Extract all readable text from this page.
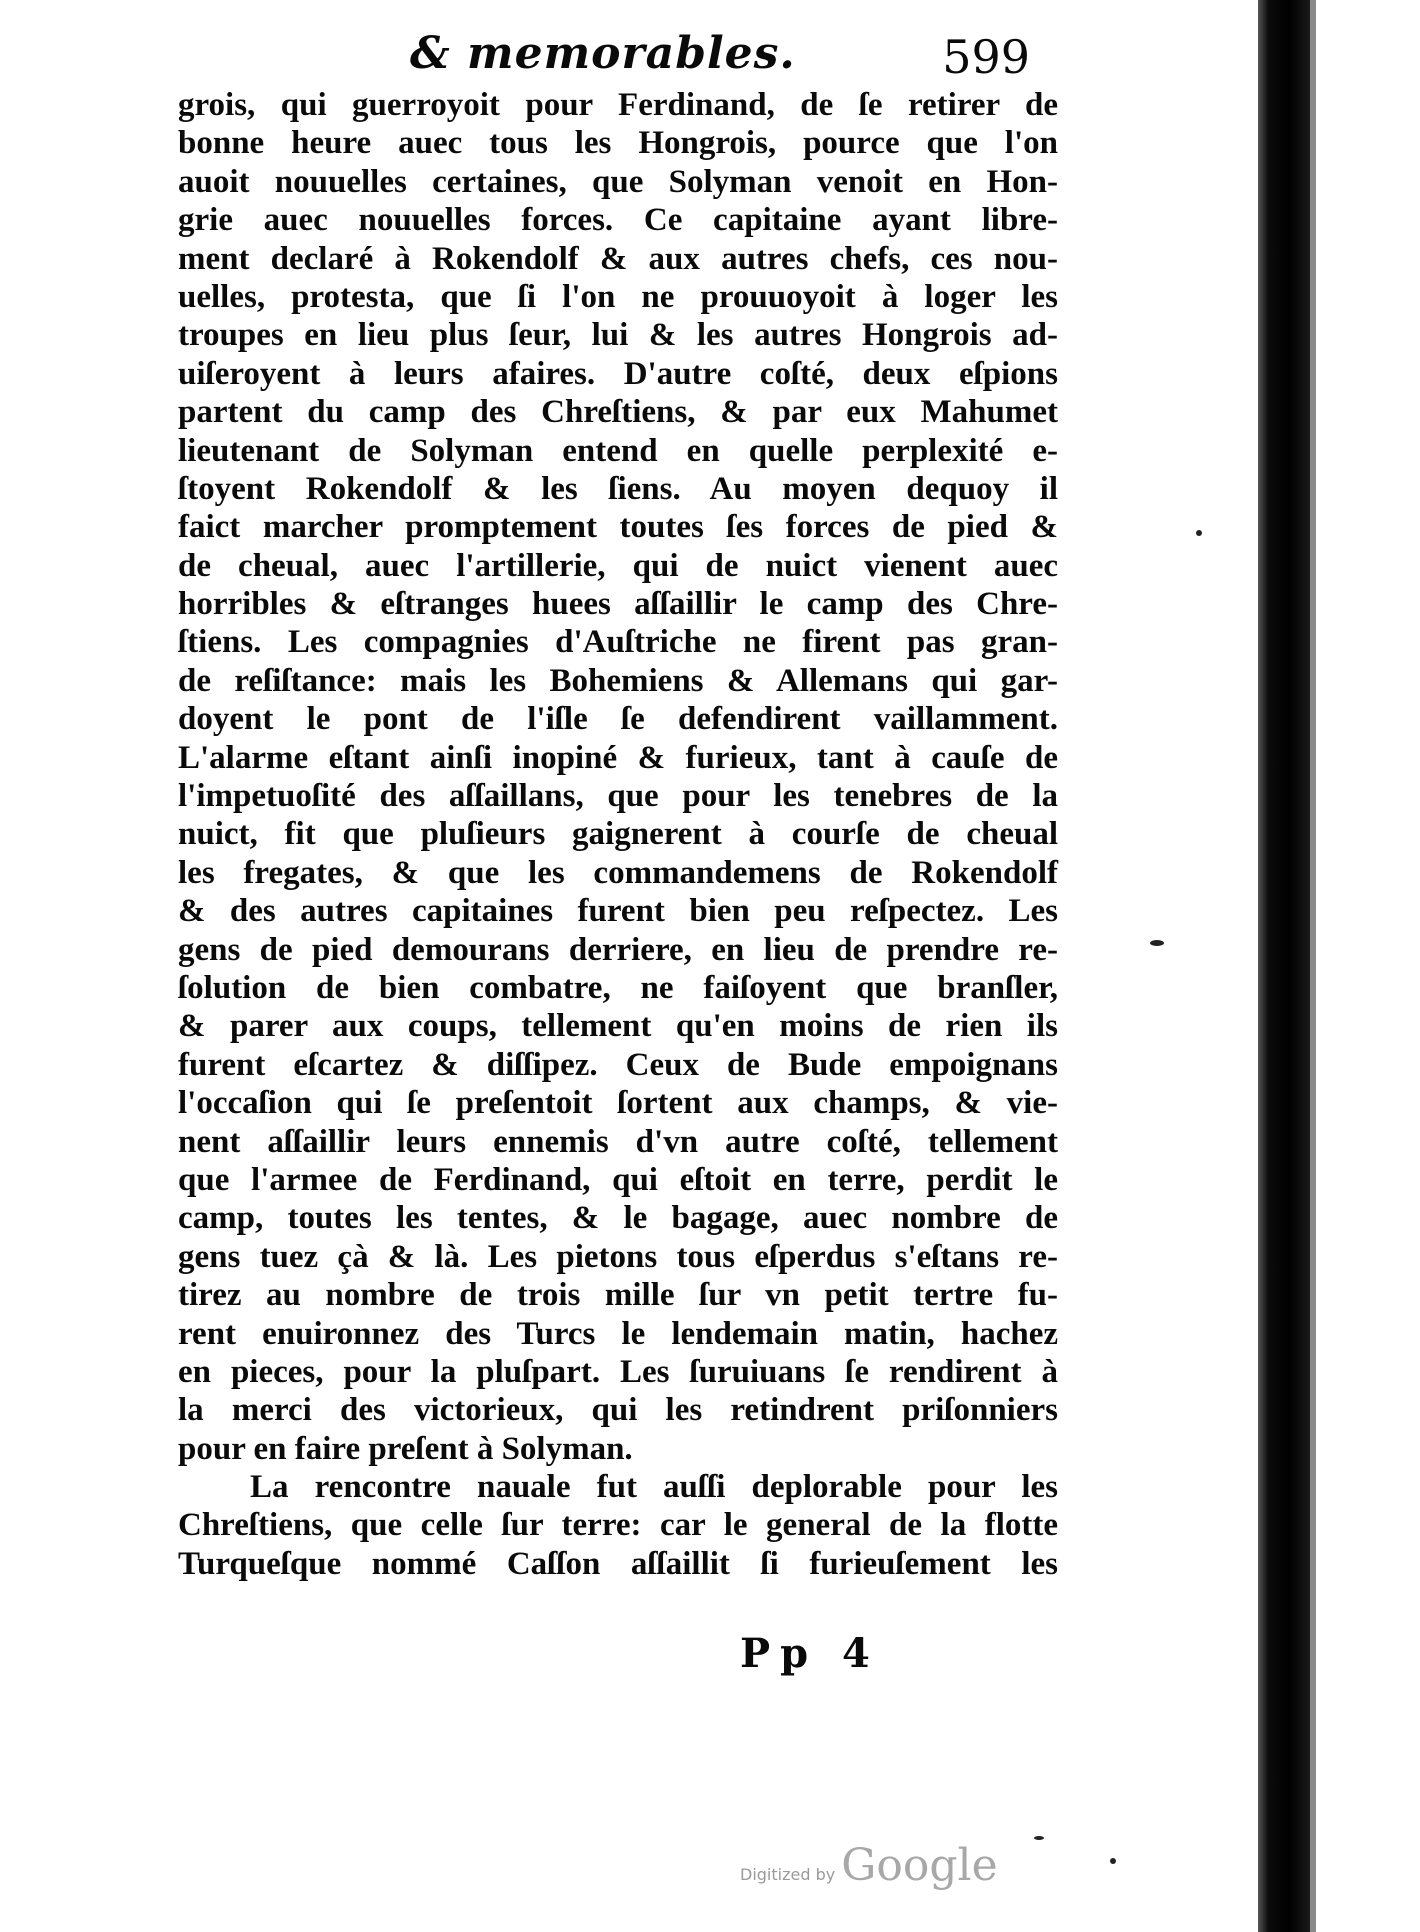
& memorables.	599
grois, qui guerroyoit pour Ferdinand, de ſe retirer de
bonne heure auec tous les Hongrois, pource que l'on
auoit nouuelles certaines, que Solyman venoit en Hon-
grie auec nouuelles forces. Ce capitaine ayant libre-
ment declaré à Rokendolf & aux autres chefs, ces nou-
uelles, protesta, que ſi l'on ne prouuoyoit à loger les
troupes en lieu plus ſeur, lui & les autres Hongrois ad-
uiſeroyent à leurs afaires. D'autre coſté, deux eſpions
partent du camp des Chreſtiens, & par eux Mahumet
lieutenant de Solyman entend en quelle perplexité e-
ſtoyent Rokendolf & les ſiens. Au moyen dequoy il
faict marcher promptement toutes ſes forces de pied &
de cheual, auec l'artillerie, qui de nuict vienent auec
horribles & eſtranges huees aſſaillir le camp des Chre-
ſtiens. Les compagnies d'Auſtriche ne firent pas gran-
de reſiſtance: mais les Bohemiens & Allemans qui gar-
doyent le pont de l'iſle ſe defendirent vaillamment.
L'alarme eſtant ainſi inopiné & furieux, tant à cauſe de
l'impetuoſité des aſſaillans, que pour les tenebres de la
nuict, fit que pluſieurs gaignerent à courſe de cheual
les fregates, & que les commandemens de Rokendolf
& des autres capitaines furent bien peu reſpectez. Les
gens de pied demourans derriere, en lieu de prendre re-
ſolution de bien combatre, ne faiſoyent que branſler,
& parer aux coups, tellement qu'en moins de rien ils
furent eſcartez & diſſipez. Ceux de Bude empoignans
l'occaſion qui ſe preſentoit ſortent aux champs, & vie-
nent aſſaillir leurs ennemis d'vn autre coſté, tellement
que l'armee de Ferdinand, qui eſtoit en terre, perdit le
camp, toutes les tentes, & le bagage, auec nombre de
gens tuez çà & là. Les pietons tous eſperdus s'eſtans re-
tirez au nombre de trois mille ſur vn petit tertre fu-
rent enuironnez des Turcs le lendemain matin, hachez
en pieces, pour la pluſpart. Les ſuruiuans ſe rendirent à
la merci des victorieux, qui les retindrent priſonniers
pour en faire preſent à Solyman.
La rencontre nauale fut auſſi deplorable pour les
Chreſtiens, que celle ſur terre: car le general de la flotte
Turqueſque nommé Caſſon aſſaillit ſi furieuſement les
Pp 4
Digitized by Google
